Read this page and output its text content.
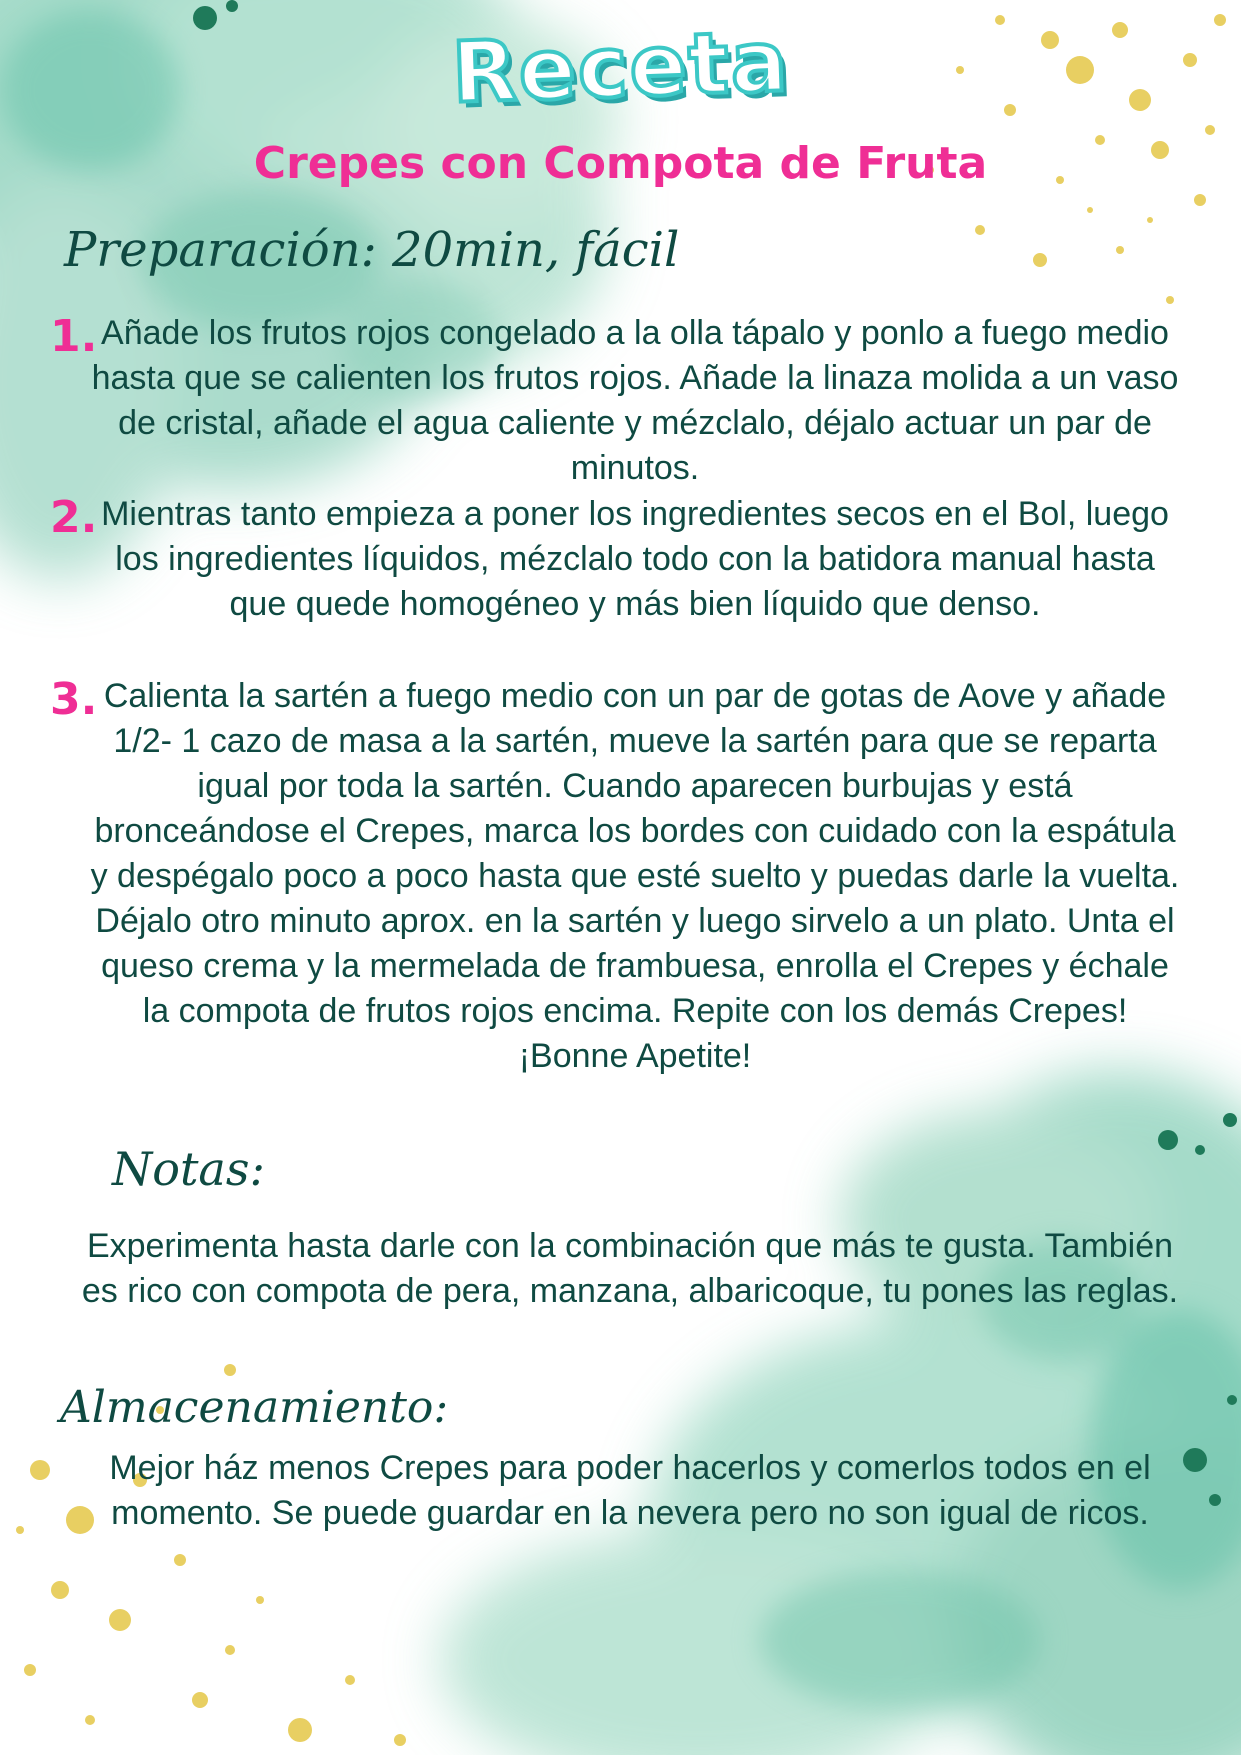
Receta
Crepes con Compota de Fruta

Preparación: 20min, fácil

1. Añade los frutos rojos congelado a la olla tápalo y ponlo a fuego medio hasta que se calienten los frutos rojos. Añade la linaza molida a un vaso de cristal, añade el agua caliente y mézclalo, déjalo actuar un par de minutos.

2. Mientras tanto empieza a poner los ingredientes secos en el Bol, luego los ingredientes líquidos, mézclalo todo con la batidora manual hasta que quede homogéneo y más bien líquido que denso.

3. Calienta la sartén a fuego medio con un par de gotas de Aove y añade 1/2- 1 cazo de masa a la sartén, mueve la sartén para que se reparta igual por toda la sartén. Cuando aparecen burbujas y está bronceándose el Crepes, marca los bordes con cuidado con la espátula y despégalo poco a poco hasta que esté suelto y puedas darle la vuelta. Déjalo otro minuto aprox. en la sartén y luego sirvelo a un plato. Unta el queso crema y la mermelada de frambuesa, enrolla el Crepes y échale la compota de frutos rojos encima. Repite con los demás Crepes! ¡Bonne Apetite!

Notas:

Experimenta hasta darle con la combinación que más te gusta. También es rico con compota de pera, manzana, albaricoque, tu pones las reglas.

Almacenamiento:

Mejor ház menos Crepes para poder hacerlos y comerlos todos en el momento. Se puede guardar en la nevera pero no son igual de ricos.
